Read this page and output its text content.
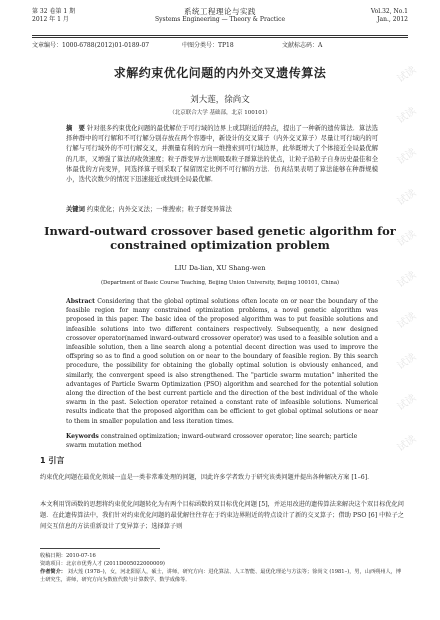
第 32 卷第 1 期
2012 年 1 月
系统工程理论与实践
Systems Engineering — Theory & Practice
Vol.32, No.1
Jan., 2012
文章编号：1000-6788(2012)01-0189-07	中图分类号：TP18	文献标志码：A
试读
试读
试读
试读
试读
试读
试读
试读
试读
试读
求解约束优化问题的内外交叉遗传算法
刘大莲，徐尚文
（北京联合大学 基础部，北京 100101）
摘　要 针对很多约束优化问题的最优解位于可行域的边界上或其附近的特点，提出了一种新的遗传算法．算法选择种群中的可行解和不可行解分别存放在两个容器中，新设计的交叉算子（内外交叉算子）尽量让可行域内的可行解与可行域外的不可行解交叉，并测量有利的方向一维搜索到可行域边界，此举既增大了个体接近全局最优解的几率，又增强了算法的收敛速度；粒子群变异方法则吸取粒子群算法的优点，让粒子沿粒子自身历史最佳和全体最优的方向变异，同选择算子则采取了保留固定比例不可行解的方法．仿真结果表明了算法能够在种群规模小，迭代次数少的情况下迅速接近或找到全局最优解．
关键词 约束优化；内外交叉法；一维搜索；粒子群变异算法
Inward-outward crossover based genetic algorithm for constrained optimization problem
LIU Da-lian, XU Shang-wen
(Department of Basic Course Teaching, Beijing Union University, Beijing 100101, China)
Abstract Considering that the global optimal solutions often locate on or near the boundary of the feasible region for many constrained optimization problems, a novel genetic algorithm was proposed in this paper. The basic idea of the proposed algorithm was to put feasible solutions and infeasible solutions into two different containers respectively. Subsequently, a new designed crossover operator(named inward-outward crossover operator) was used to a feasible solution and a infeasible solution, then a line search along a potential decent direction was used to improve the offspring so as to find a good solution on or near to the boundary of feasible region. By this search procedure, the possibility for obtaining the globally optimal solution is obviously enhanced, and similarly, the convergent speed is also strengthened. The "particle swarm mutation" inherited the advantages of Particle Swarm Optimization (PSO) algorithm and searched for the potential solution along the direction of the best current particle and the direction of the best individual of the whole swarm in the past. Selection operator retained a constant rate of infeasible solutions. Numerical results indicate that the proposed algorithm can be efficient to get global optimal solutions or near to them in smaller population and less iteration times.
Keywords constrained optimization; inward-outward crossover operator; line search; particle swarm mutation method
1 引言
约束优化问题在最优化领域一直是一类非常难处理的问题，因此许多学者致力于研究该类问题并提出各种解决方案 [1–6]．
本文利用罚函数的思想将约束优化问题转化为有两个目标函数的双目标优化问题 [5]，并运用改进的遗传算法来解决这个双目标优化问题．在此遗传算法中，我们针对约束优化问题的最优解往往存在于约束边界附近的特点设计了新的交叉算子；借助 PSO [6] 中粒子之间交互信息的方法重新设计了变异算子；选择算子则
收稿日期：2010-07-16
资助项目：北京市优秀人才 (2011D005022000009)
作者简介： 刘大莲 (1978–)，女，河北阳原人，硕士，讲师，研究方向：进化算法、人工智能、最优化理论与方法等；徐尚文 (1981–)，男，山西朔州人，博士研究生，讲师，研究方向为数值代数与计算数学、数学成像等．
